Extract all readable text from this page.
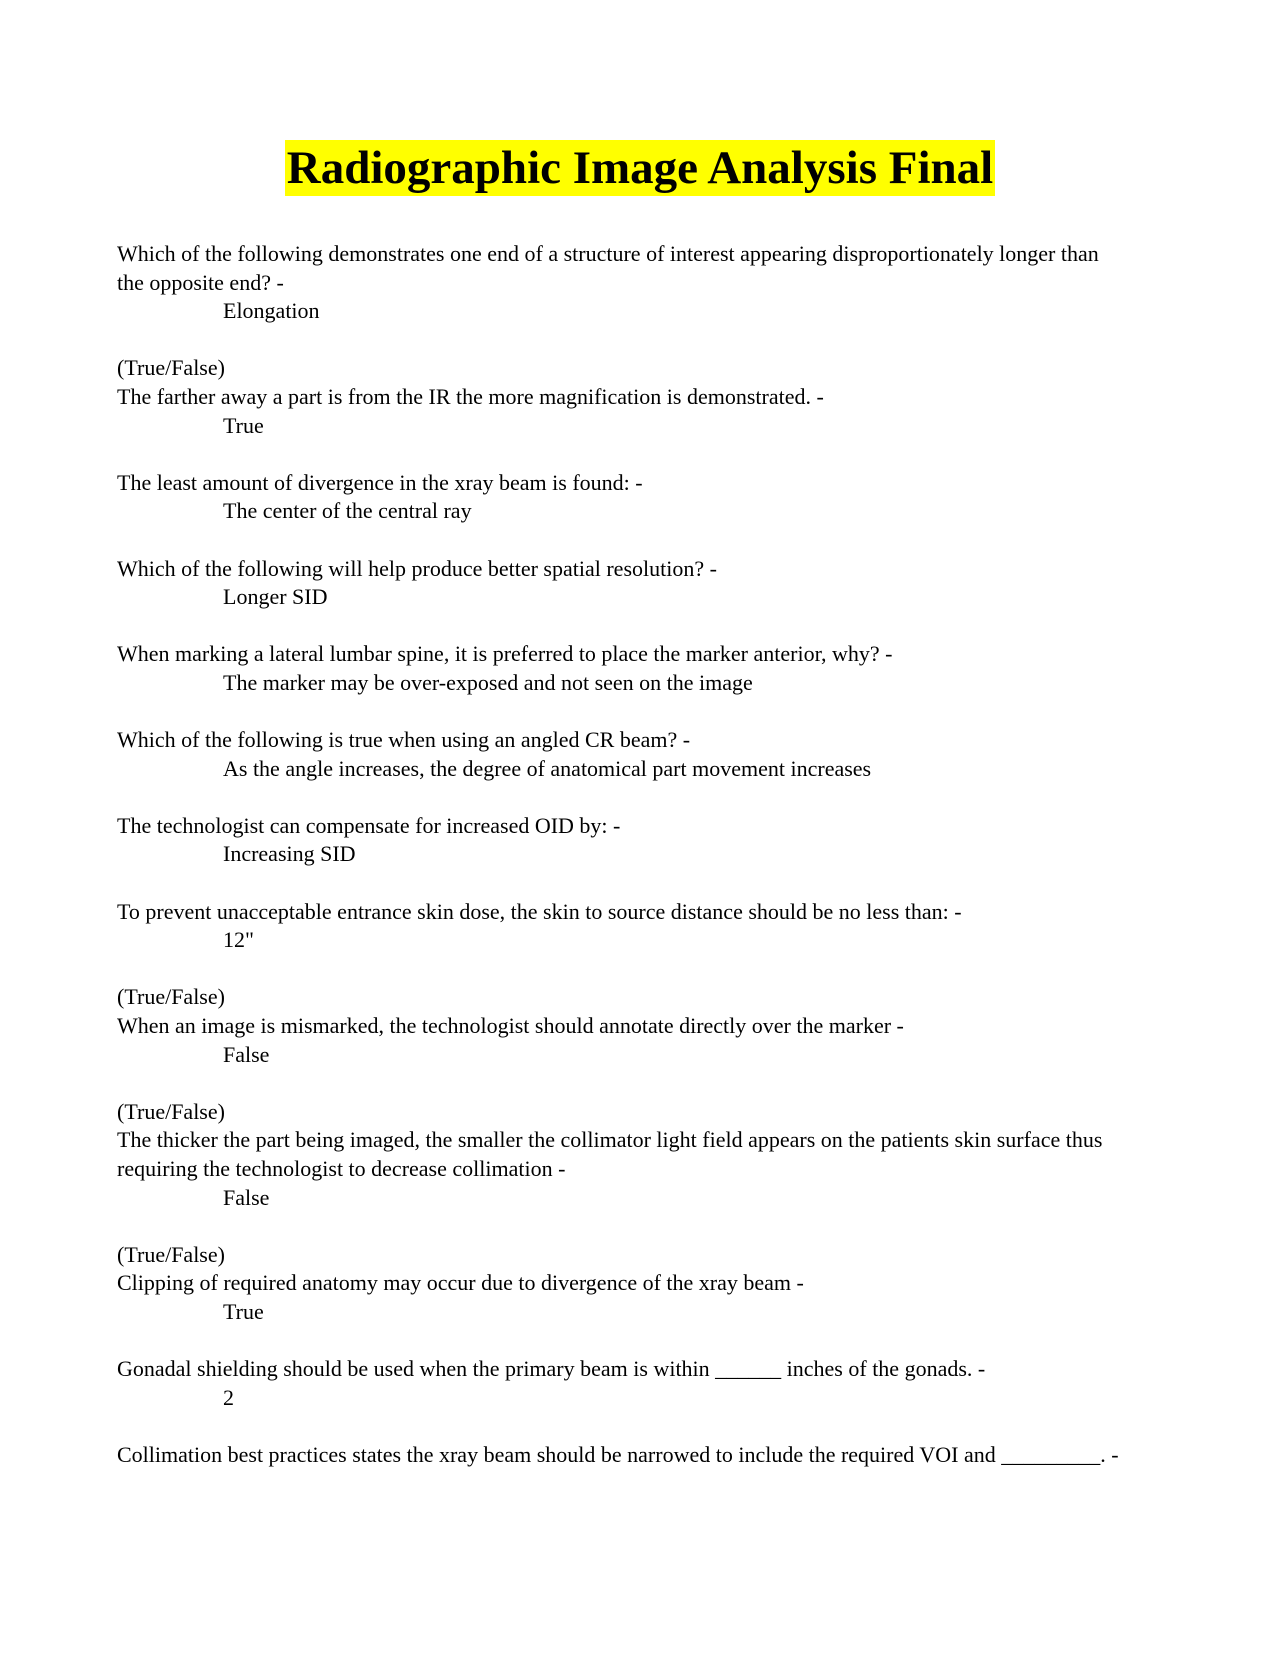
Radiographic Image Analysis Final
Which of the following demonstrates one end of a structure of interest appearing disproportionately longer than the opposite end? -
Elongation
(True/False)
The farther away a part is from the IR the more magnification is demonstrated. -
True
The least amount of divergence in the xray beam is found: -
The center of the central ray
Which of the following will help produce better spatial resolution? -
Longer SID
When marking a lateral lumbar spine, it is preferred to place the marker anterior, why? -
The marker may be over-exposed and not seen on the image
Which of the following is true when using an angled CR beam? -
As the angle increases, the degree of anatomical part movement increases
The technologist can compensate for increased OID by: -
Increasing SID
To prevent unacceptable entrance skin dose, the skin to source distance should be no less than: -
12"
(True/False)
When an image is mismarked, the technologist should annotate directly over the marker -
False
(True/False)
The thicker the part being imaged, the smaller the collimator light field appears on the patients skin surface thus requiring the technologist to decrease collimation -
False
(True/False)
Clipping of required anatomy may occur due to divergence of the xray beam -
True
Gonadal shielding should be used when the primary beam is within ______ inches of the gonads. -
2
Collimation best practices states the xray beam should be narrowed to include the required VOI and _________. -
